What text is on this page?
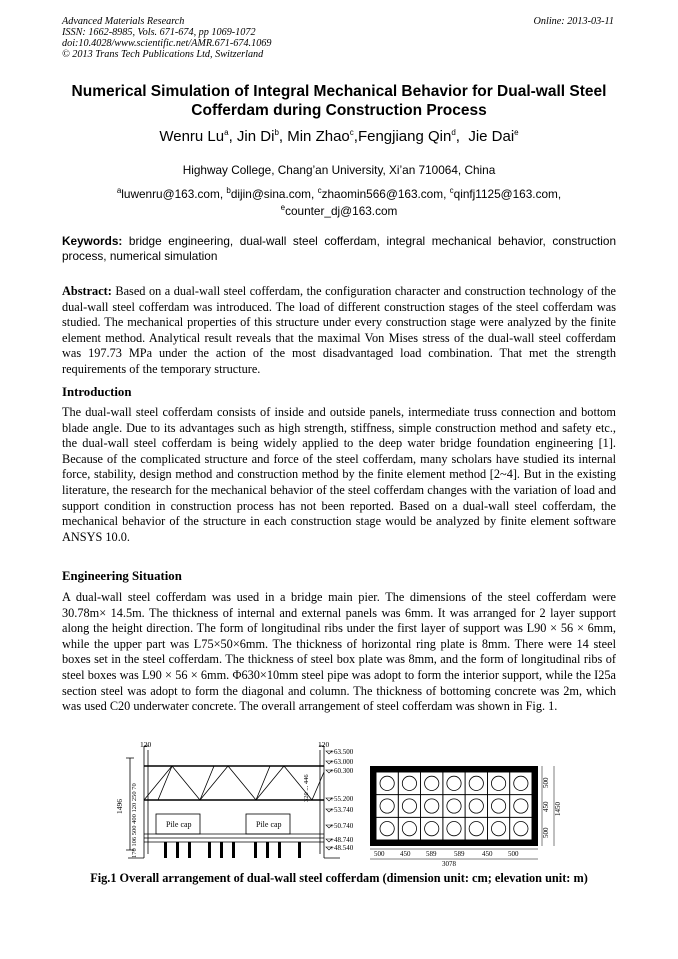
Advanced Materials Research
ISSN: 1662-8985, Vols. 671-674, pp 1069-1072
doi:10.4028/www.scientific.net/AMR.671-674.1069
© 2013 Trans Tech Publications Ltd, Switzerland
Online: 2013-03-11
Numerical Simulation of Integral Mechanical Behavior for Dual-wall Steel Cofferdam during Construction Process
Wenru Lu$^a$, Jin Di$^b$, Min Zhao$^c$,Fengjiang Qin$^d$,  Jie Dai$^e$
Highway College, Chang’an University, Xi’an 710064, China
$^a$luwenru@163.com, $^b$dijin@sina.com, $^c$zhaomin566@163.com, $^c$qinfj1125@163.com,
$^e$counter_dj@163.com
Keywords: bridge engineering, dual-wall steel cofferdam, integral mechanical behavior, construction process, numerical simulation
Abstract: Based on a dual-wall steel cofferdam, the configuration character and construction technology of the dual-wall steel cofferdam was introduced. The load of different construction stages of the steel cofferdam was studied. The mechanical properties of this structure under every construction stage were analyzed by the finite element method. Analytical result reveals that the maximal Von Mises stress of the dual-wall steel cofferdam was 197.73 MPa under the action of the most disadvantaged load combination. That met the strength requirements of the temporary structure.
Introduction
The dual-wall steel cofferdam consists of inside and outside panels, intermediate truss connection and bottom blade angle. Due to its advantages such as high strength, stiffness, simple construction method and safety etc., the dual-wall steel cofferdam is being widely applied to the deep water bridge foundation engineering [1]. Because of the complicated structure and force of the steel cofferdam, many scholars have studied its internal force, stability, design method and construction method by the finite element method [2~4]. But in the existing literature, the research for the mechanical behavior of the steel cofferdam changes with the variation of load and support condition in construction process has not been reported. Based on a dual-wall steel cofferdam, the mechanical behavior of the structure in each construction stage would be analyzed by finite element software ANSYS 10.0.
Engineering Situation
A dual-wall steel cofferdam was used in a bridge main pier. The dimensions of the steel cofferdam were 30.78m× 14.5m. The thickness of internal and external panels was 6mm. It was arranged for 2 layer support along the height direction. The form of longitudinal ribs under the first layer of support was L90 × 56 × 6mm, while the upper part was L75×50×6mm. The thickness of horizontal ring plate is 8mm. There were 14 steel boxes set in the steel cofferdam. The thickness of steel box plate was 8mm, and the form of longitudinal ribs of steel boxes was L90 × 56 × 6mm. Φ630×10mm steel pipe was adopt to form the interior support, while the I25a section steel was adopt to form the diagonal and column. The thickness of bottoming concrete was 2m, which was used C20 underwater concrete. The overall arrangement of steel cofferdam was shown in Fig. 1.
Pile cap	Pile cap
120	120
1496 170 106 500 400 120 250 70	320 ... 446
+63.500
+63.000
+60.300
+55.200
+53.740
+50.740
+48.740
+48.540
500 450 589	589	450 500
3078
500
450
500
1450
Fig.1 Overall arrangement of dual-wall steel cofferdam (dimension unit: cm; elevation unit: m)
